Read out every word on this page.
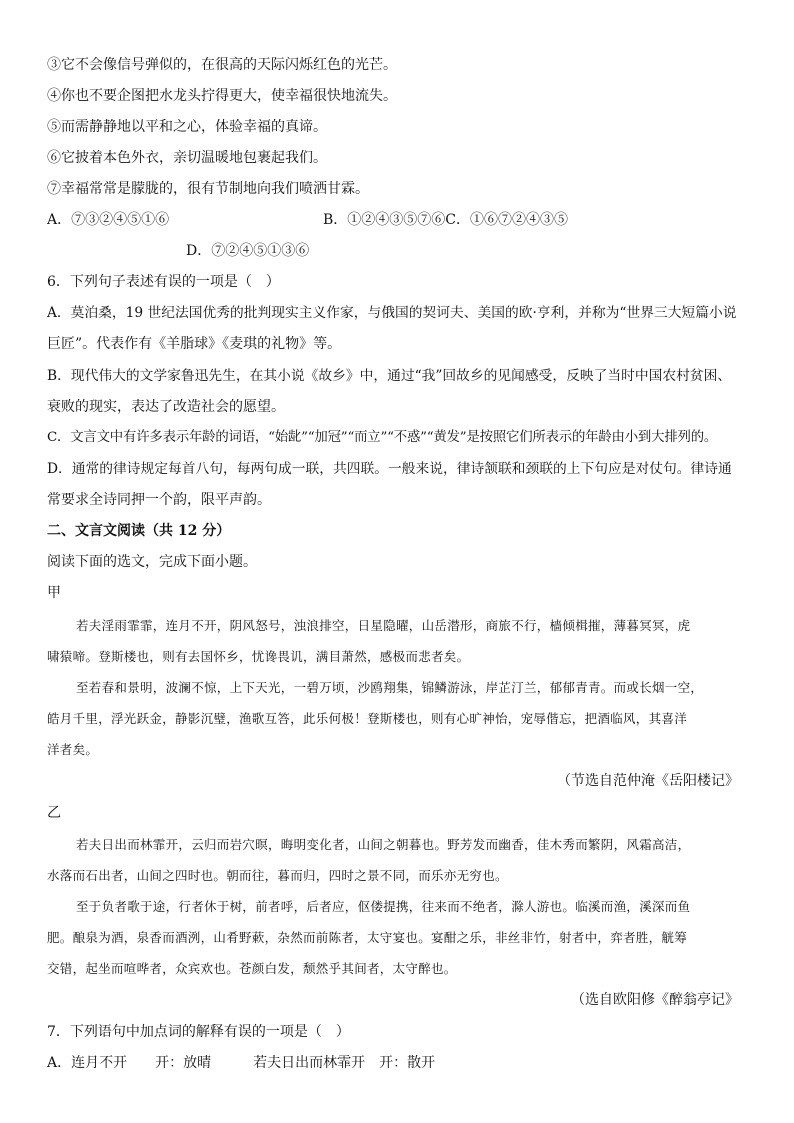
③它不会像信号弹似的，在很高的天际闪烁红色的光芒。
④你也不要企图把水龙头拧得更大，使幸福很快地流失。
⑤而需静静地以平和之心，体验幸福的真谛。
⑥它披着本色外衣，亲切温暖地包裹起我们。
⑦幸福常常是朦胧的，很有节制地向我们喷洒甘霖。
A．⑦③②④⑤①⑥	B．①②④③⑤⑦⑥C．①⑥⑦②④③⑤
D．⑦②④⑤①③⑥
6．下列句子表述有误的一项是（　）
A．莫泊桑，19 世纪法国优秀的批判现实主义作家，与俄国的契诃夫、美国的欧·亨利，并称为“世界三大短篇小说
巨匠”。代表作有《羊脂球》《麦琪的礼物》等。
B．现代伟大的文学家鲁迅先生，在其小说《故乡》中，通过“我”回故乡的见闻感受，反映了当时中国农村贫困、
衰败的现实，表达了改造社会的愿望。
C．文言文中有许多表示年龄的词语，“始龀”“加冠”“而立”“不惑”“黄发”是按照它们所表示的年龄由小到大排列的。
D．通常的律诗规定每首八句，每两句成一联，共四联。一般来说，律诗颔联和颈联的上下句应是对仗句。律诗通
常要求全诗同押一个韵，限平声韵。
二、文言文阅读（共 12 分）
阅读下面的选文，完成下面小题。
甲
若夫淫雨霏霏，连月不开，阴风怒号，浊浪排空，日星隐曜，山岳潜形，商旅不行，樯倾楫摧，薄暮冥冥，虎
啸猿啼。登斯楼也，则有去国怀乡，忧谗畏讥，满目萧然，感极而悲者矣。
至若春和景明，波澜不惊，上下天光，一碧万顷，沙鸥翔集，锦鳞游泳，岸芷汀兰，郁郁青青。而或长烟一空，
皓月千里，浮光跃金，静影沉璧，渔歌互答，此乐何极！登斯楼也，则有心旷神怡，宠辱偕忘，把酒临风，其喜洋
洋者矣。
（节选自范仲淹《岳阳楼记》
乙
若夫日出而林霏开，云归而岩穴暝，晦明变化者，山间之朝暮也。野芳发而幽香，佳木秀而繁阴，风霜高洁，
水落而石出者，山间之四时也。朝而往，暮而归，四时之景不同，而乐亦无穷也。
至于负者歌于途，行者休于树，前者呼，后者应，伛偻提携，往来而不绝者，滁人游也。临溪而渔，溪深而鱼
肥。酿泉为酒，泉香而酒洌，山肴野蔌，杂然而前陈者，太守宴也。宴酣之乐，非丝非竹，射者中，弈者胜，觥筹
交错，起坐而喧哗者，众宾欢也。苍颜白发，颓然乎其间者，太守醉也。
（选自欧阳修《醉翁亭记》
7．下列语句中加点词的解释有误的一项是（　）
A．连月不开　　开：放晴　　　若夫日出而林霏开　开：散开
